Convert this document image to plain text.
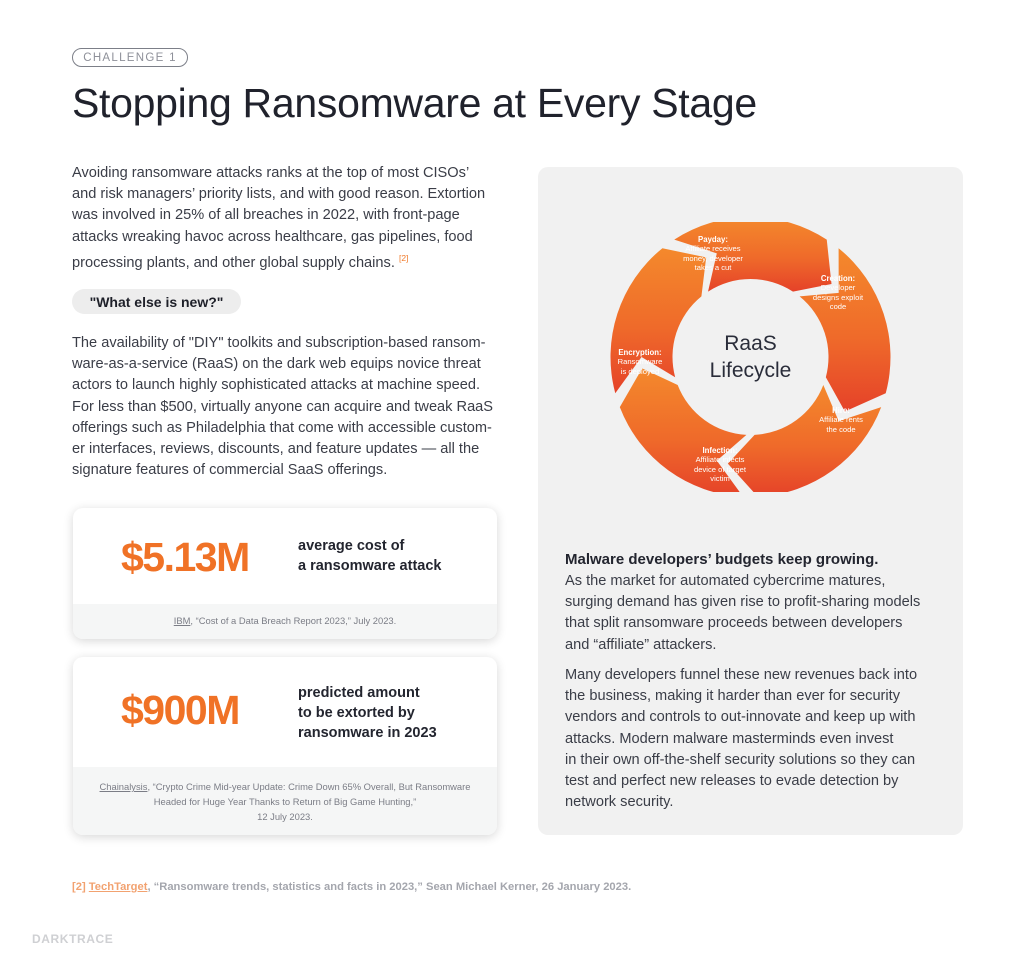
CHALLENGE 1
Stopping Ransomware at Every Stage

Avoiding ransomware attacks ranks at the top of most CISOs’
and risk managers’ priority lists, and with good reason. Extortion
was involved in 25% of all breaches in 2022, with front-page
attacks wreaking havoc across healthcare, gas pipelines, food
processing plants, and other global supply chains. [2]

"What else is new?"

The availability of "DIY" toolkits and subscription-based ransom-
ware-as-a-service (RaaS) on the dark web equips novice threat
actors to launch highly sophisticated attacks at machine speed.
For less than $500, virtually anyone can acquire and tweak RaaS
offerings such as Philadelphia that come with accessible custom-
er interfaces, reviews, discounts, and feature updates — all the
signature features of commercial SaaS offerings.

$5.13M	average cost of
a ransomware attack
IBM, “Cost of a Data Breach Report 2023,” July 2023.
$900M	predicted amount
to be extorted by
ransomware in 2023
Chainalysis, “Crypto Crime Mid-year Update: Crime Down 65% Overall, But Ransomware
Headed for Huge Year Thanks to Return of Big Game Hunting,”
12 July 2023.
RaaS
Lifecycle
Payday:
Affiliate receives
money, developer
takes a cut
Creation:
Developer
designs exploit
code
Hire:
Affiliate rents
the code
Infection:
Affiliate infects
device of target
victim
Encryption:
Ransomware
is deployed
Malware developers’ budgets keep growing.

As the market for automated cybercrime matures,
surging demand has given rise to profit-sharing models
that split ransomware proceeds between developers
and “affiliate” attackers.

Many developers funnel these new revenues back into
the business, making it harder than ever for security
vendors and controls to out-innovate and keep up with
attacks. Modern malware masterminds even invest
in their own off-the-shelf security solutions so they can
test and perfect new releases to evade detection by
network security.

[2] TechTarget, “Ransomware trends, statistics and facts in 2023,” Sean Michael Kerner, 26 January 2023.
DARKTRACE
